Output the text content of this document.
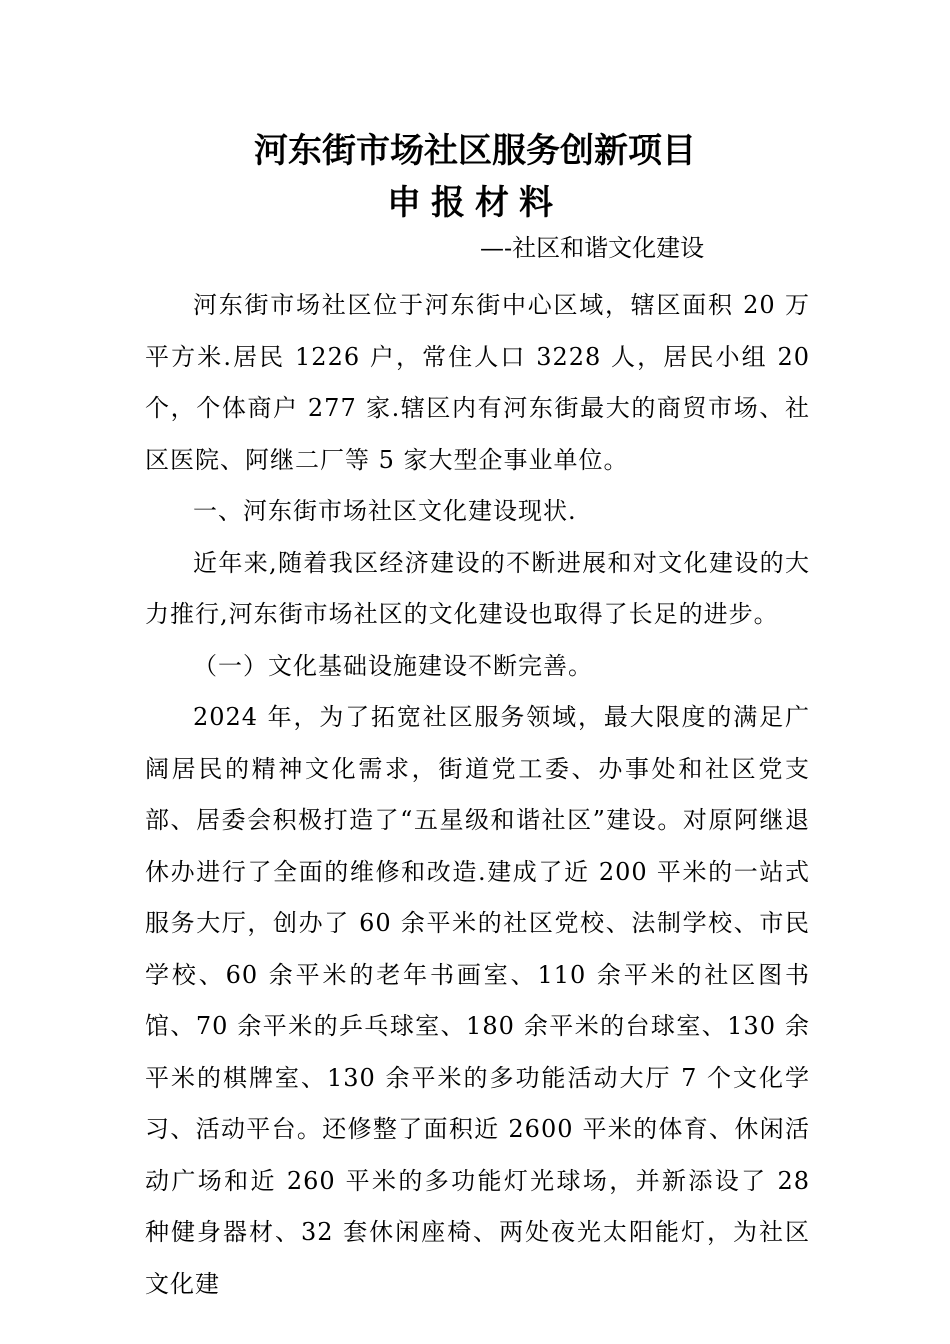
河东街市场社区服务创新项目
申报材料
—-社区和谐文化建设

河东街市场社区位于河东街中心区域，辖区面积 20 万平方米.居民 1226 户，常住人口 3228 人，居民小组 20 个，个体商户 277 家.辖区内有河东街最大的商贸市场、社区医院、阿继二厂等 5 家大型企事业单位。

一、河东街市场社区文化建设现状.

近年来,随着我区经济建设的不断进展和对文化建设的大力推行,河东街市场社区的文化建设也取得了长足的进步。

（一）文化基础设施建设不断完善。

2024 年，为了拓宽社区服务领域，最大限度的满足广阔居民的精神文化需求，街道党工委、办事处和社区党支部、居委会积极打造了“五星级和谐社区”建设。对原阿继退休办进行了全面的维修和改造.建成了近 200 平米的一站式服务大厅，创办了 60 余平米的社区党校、法制学校、市民学校、60 余平米的老年书画室、110 余平米的社区图书馆、70 余平米的乒乓球室、180 余平米的台球室、130 余平米的棋牌室、130 余平米的多功能活动大厅 7 个文化学习、活动平台。还修整了面积近 2600 平米的体育、休闲活动广场和近 260 平米的多功能灯光球场，并新添设了 28 种健身器材、32 套休闲座椅、两处夜光太阳能灯，为社区文化建
